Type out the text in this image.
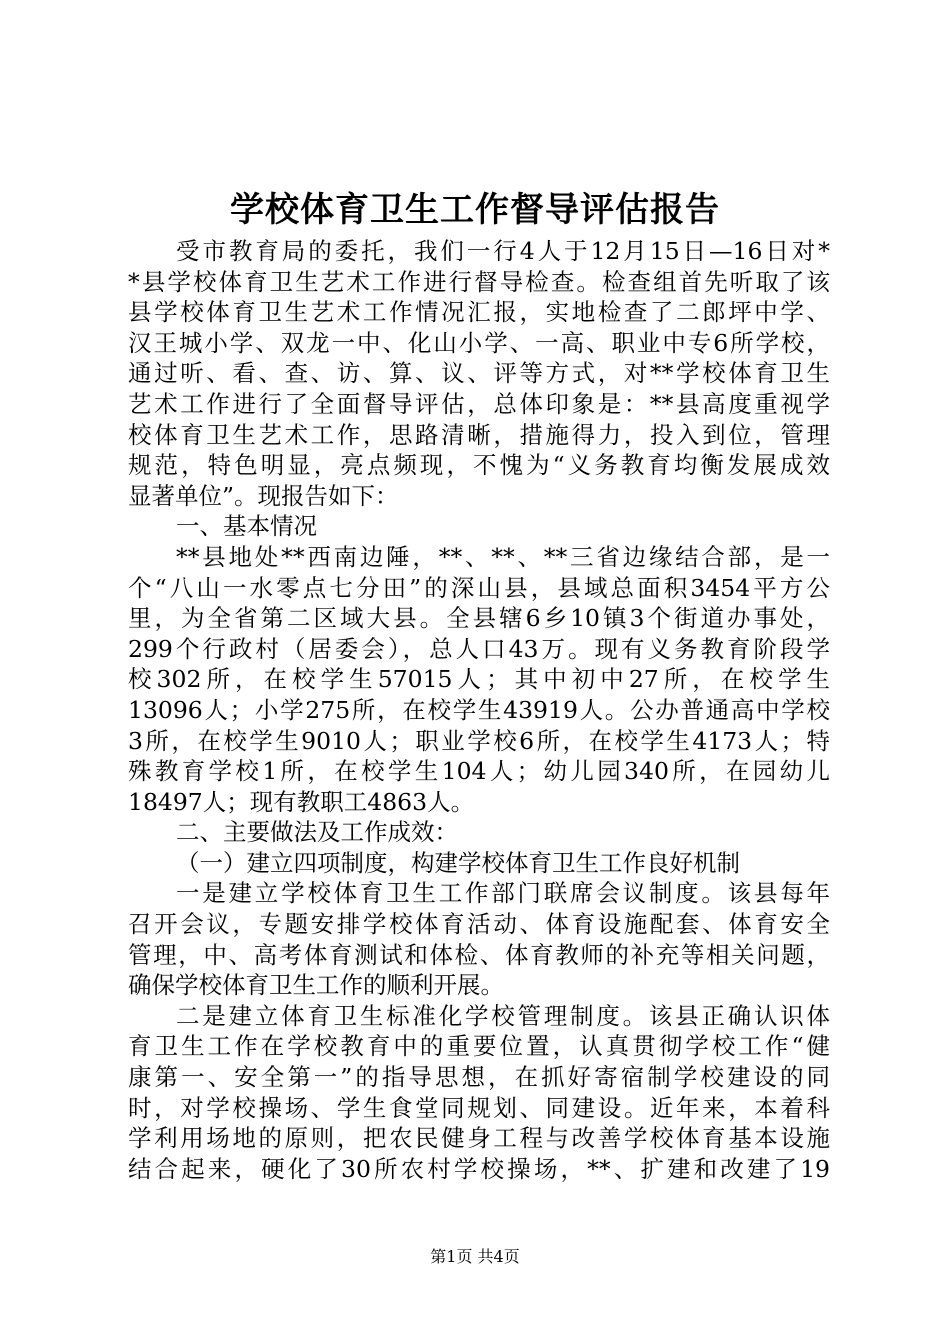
学校体育卫生工作督导评估报告
受市教育局的委托，我们一行4人于12月15日—16日对*
*县学校体育卫生艺术工作进行督导检查。检查组首先听取了该
县学校体育卫生艺术工作情况汇报，实地检查了二郎坪中学、
汉王城小学、双龙一中、化山小学、一高、职业中专6所学校，
通过听、看、查、访、算、议、评等方式，对**学校体育卫生
艺术工作进行了全面督导评估，总体印象是：**县高度重视学
校体育卫生艺术工作，思路清晰，措施得力，投入到位，管理
规范，特色明显，亮点频现，不愧为“义务教育均衡发展成效
显著单位”。现报告如下：
一、基本情况
**县地处**西南边陲，**、**、**三省边缘结合部，是一
个“八山一水零点七分田”的深山县，县域总面积3454平方公
里，为全省第二区域大县。全县辖6乡10镇3个街道办事处，
299个行政村（居委会），总人口43万。现有义务教育阶段学
校302所，在校学生57015人；其中初中27所，在校学生
13096人；小学275所，在校学生43919人。公办普通高中学校
3所，在校学生9010人；职业学校6所，在校学生4173人；特
殊教育学校1所，在校学生104人；幼儿园340所，在园幼儿
18497人；现有教职工4863人。
二、主要做法及工作成效：
（一）建立四项制度，构建学校体育卫生工作良好机制
一是建立学校体育卫生工作部门联席会议制度。该县每年
召开会议，专题安排学校体育活动、体育设施配套、体育安全
管理，中、高考体育测试和体检、体育教师的补充等相关问题，
确保学校体育卫生工作的顺利开展。
二是建立体育卫生标准化学校管理制度。该县正确认识体
育卫生工作在学校教育中的重要位置，认真贯彻学校工作“健
康第一、安全第一”的指导思想，在抓好寄宿制学校建设的同
时，对学校操场、学生食堂同规划、同建设。近年来，本着科
学利用场地的原则，把农民健身工程与改善学校体育基本设施
结合起来，硬化了30所农村学校操场，**、扩建和改建了19
第1页 共4页
